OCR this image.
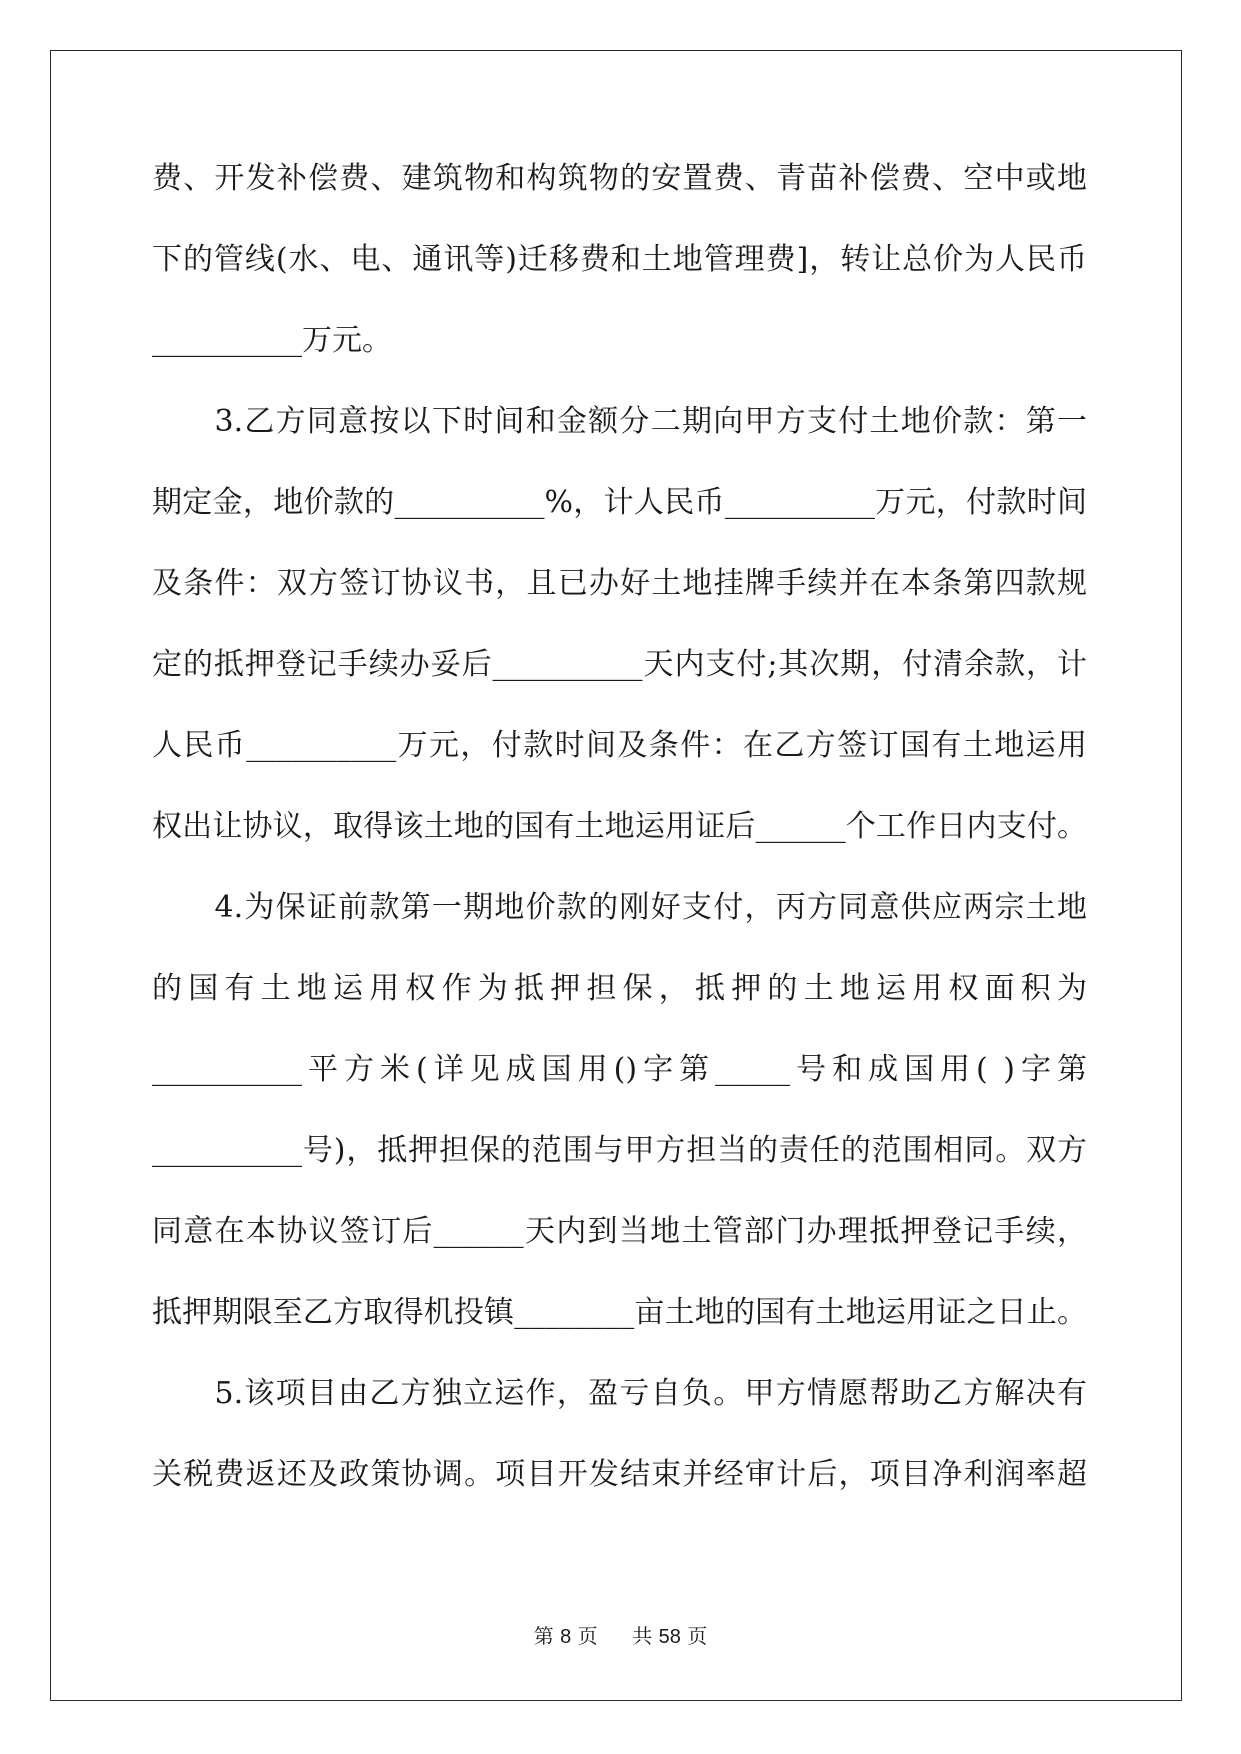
费、开发补偿费、建筑物和构筑物的安置费、青苗补偿费、空中或地
下的管线(水、电、通讯等)迁移费和土地管理费]，转让总价为人民币
__________万元。
　　3.乙方同意按以下时间和金额分二期向甲方支付土地价款：第一
期定金，地价款的__________%，计人民币__________万元，付款时间
及条件：双方签订协议书，且已办好土地挂牌手续并在本条第四款规
定的抵押登记手续办妥后__________天内支付;其次期，付清余款，计
人民币__________万元，付款时间及条件：在乙方签订国有土地运用
权出让协议，取得该土地的国有土地运用证后______个工作日内支付。
　　4.为保证前款第一期地价款的刚好支付，丙方同意供应两宗土地
的国有土地运用权作为抵押担保，抵押的土地运用权面积为
__________平方米(详见成国用()字第_____号和成国用( )字第
__________号)，抵押担保的范围与甲方担当的责任的范围相同。双方
同意在本协议签订后______天内到当地土管部门办理抵押登记手续，
抵押期限至乙方取得机投镇________亩土地的国有土地运用证之日止。
　　5.该项目由乙方独立运作，盈亏自负。甲方情愿帮助乙方解决有
关税费返还及政策协调。项目开发结束并经审计后，项目净利润率超
第 8 页 共 58 页
